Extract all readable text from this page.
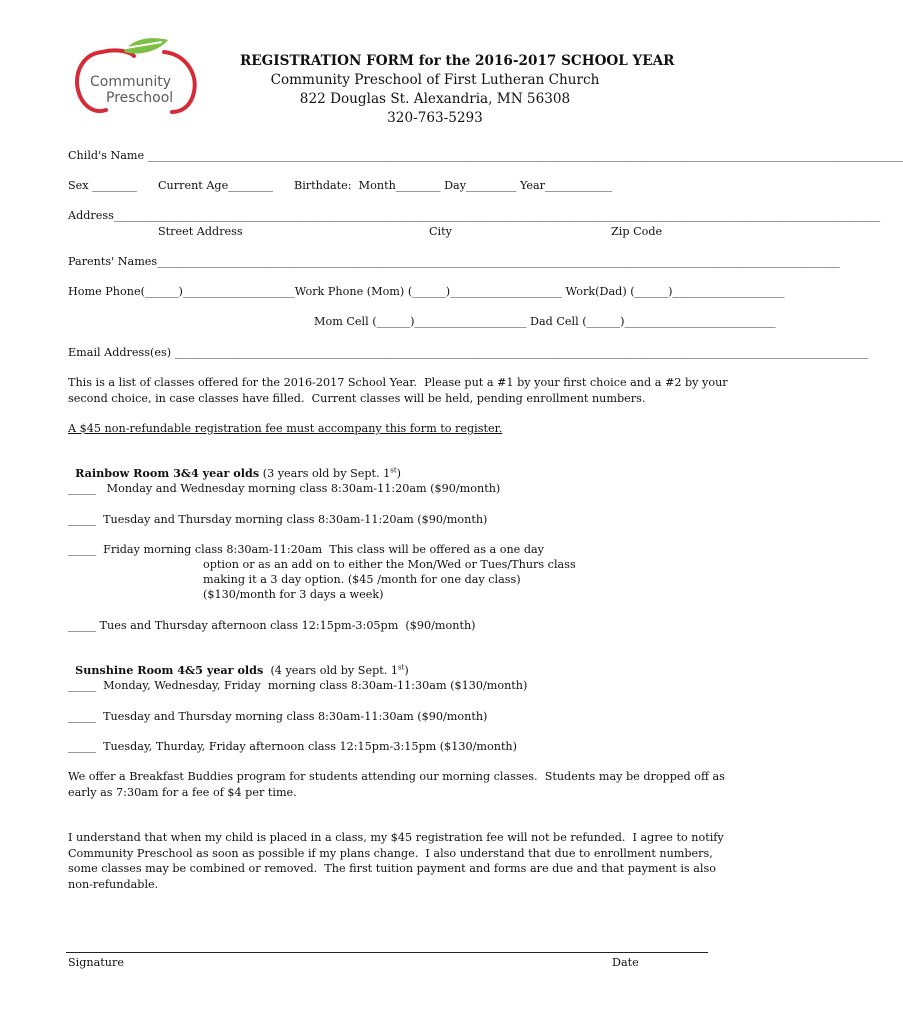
Community
Preschool
REGISTRATION FORM for the 2016-2017 SCHOOL YEAR
Community Preschool of First Lutheran Church
822 Douglas St. Alexandria, MN 56308
320-763-5293
Child's Name _______________________________________________________________________________________________________________________________________
Sex ________ Current Age________ Birthdate:  Month________ Day_________ Year____________
Address_________________________________________________________________________________________________________________________________________
Street Address	City	Zip Code
Parents' Names__________________________________________________________________________________________________________________________
Home Phone(______)____________________Work Phone (Mom) (______)____________________ Work(Dad) (______)____________________
Mom Cell (______)____________________ Dad Cell (______)___________________________
Email Address(es) ____________________________________________________________________________________________________________________________
This is a list of classes offered for the 2016-2017 School Year.  Please put a #1 by your first choice and a #2 by your
second choice, in case classes have filled.  Current classes will be held, pending enrollment numbers.
A $45 non-refundable registration fee must accompany this form to register.

Rainbow Room 3&4 year olds (3 years old by Sept. 1st)

_____   Monday and Wednesday morning class 8:30am-11:20am ($90/month)
_____  Tuesday and Thursday morning class 8:30am-11:20am ($90/month)
_____  Friday morning class 8:30am-11:20am  This class will be offered as a one day
option or as an add on to either the Mon/Wed or Tues/Thurs class
making it a 3 day option. ($45 /month for one day class)
($130/month for 3 days a week)
_____ Tues and Thursday afternoon class 12:15pm-3:05pm  ($90/month)

Sunshine Room 4&5 year olds (4 years old by Sept. 1st)

_____  Monday, Wednesday, Friday  morning class 8:30am-11:30am ($130/month)
_____  Tuesday and Thursday morning class 8:30am-11:30am ($90/month)
_____  Tuesday, Thurday, Friday afternoon class 12:15pm-3:15pm ($130/month)
We offer a Breakfast Buddies program for students attending our morning classes.  Students may be dropped off as
early as 7:30am for a fee of $4 per time.
I understand that when my child is placed in a class, my $45 registration fee will not be refunded.  I agree to notify
Community Preschool as soon as possible if my plans change.  I also understand that due to enrollment numbers,
some classes may be combined or removed.  The first tuition payment and forms are due and that payment is also
non-refundable.
Signature	Date
